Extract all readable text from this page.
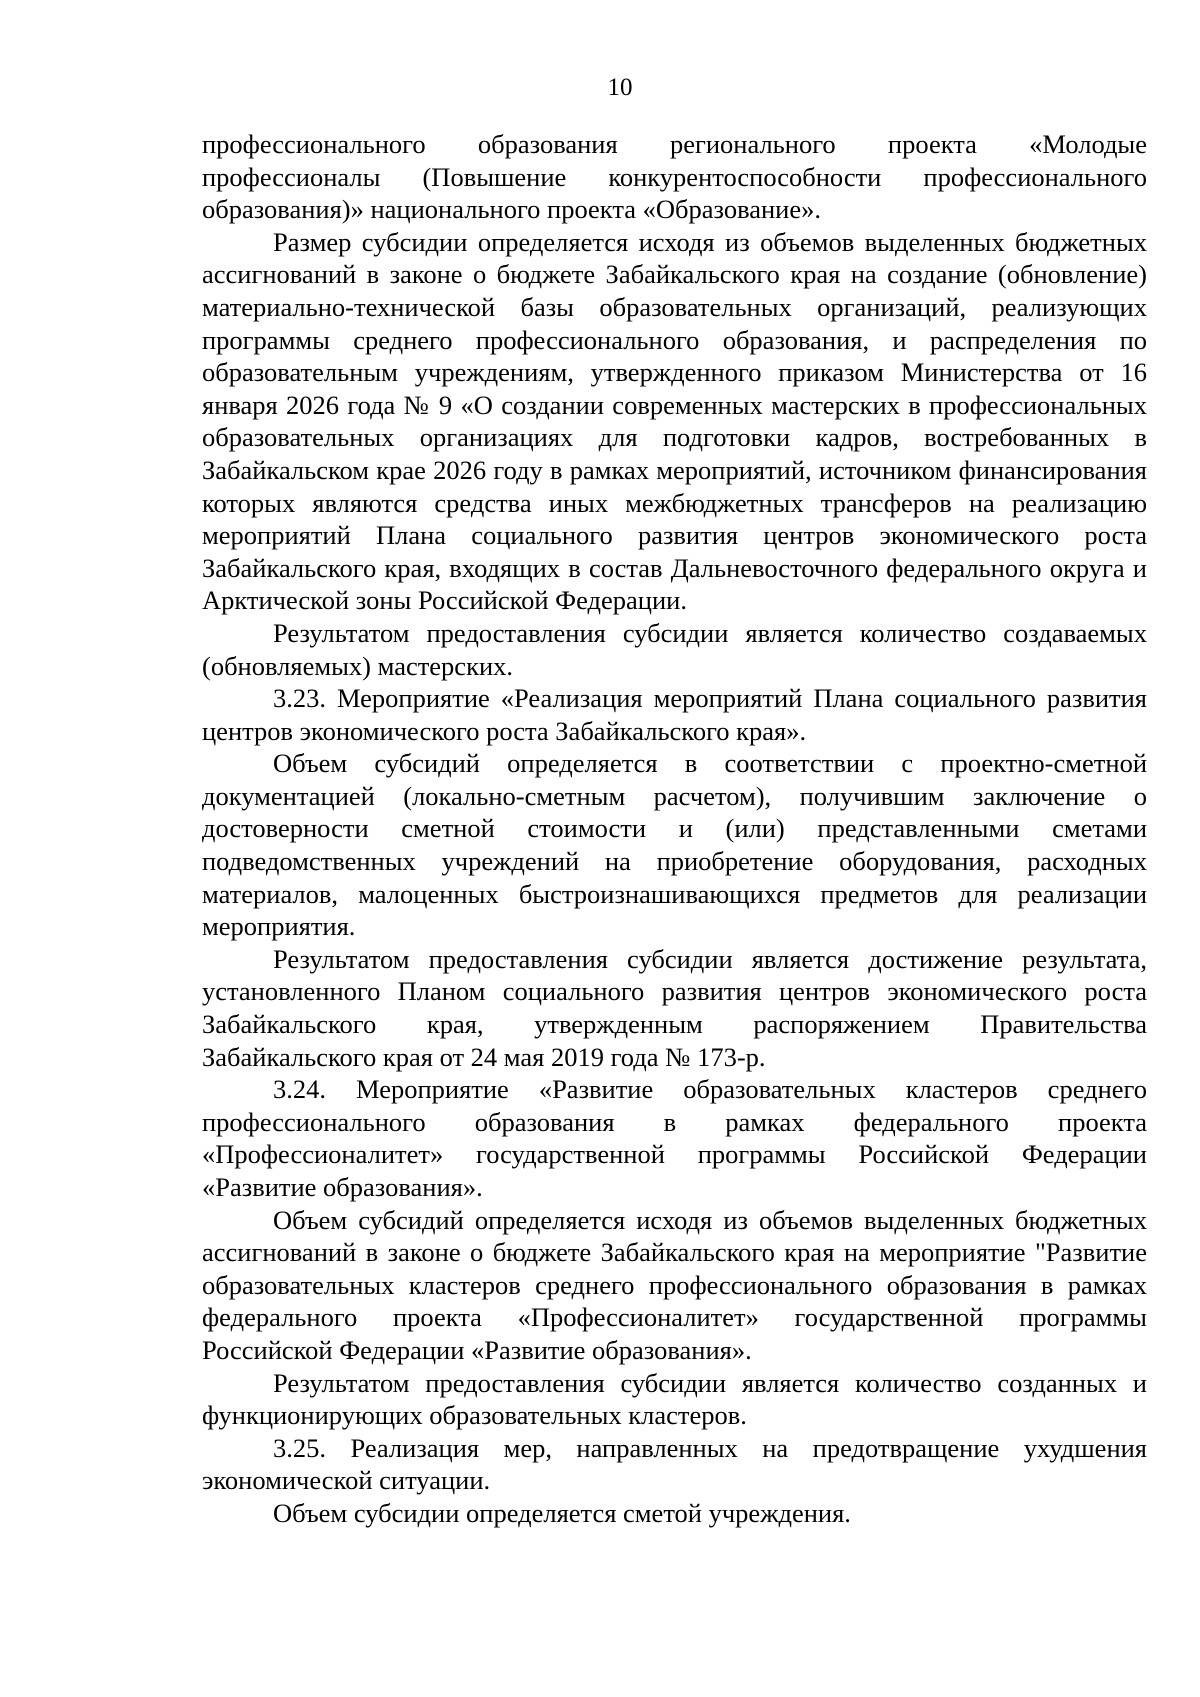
10

профессионального образования регионального проекта «Молодые профессионалы (Повышение конкурентоспособности профессионального образования)» национального проекта «Образование».

Размер субсидии определяется исходя из объемов выделенных бюджетных ассигнований в законе о бюджете Забайкальского края на создание (обновление) материально-технической базы образовательных организаций, реализующих программы среднего профессионального образования, и распределения по образовательным учреждениям, утвержденного приказом Министерства от 16 января 2026 года № 9 «О создании современных мастерских в профессиональных образовательных организациях для подготовки кадров, востребованных в Забайкальском крае 2026 году в рамках мероприятий, источником финансирования которых являются средства иных межбюджетных трансферов на реализацию мероприятий Плана социального развития центров экономического роста Забайкальского края, входящих в состав Дальневосточного федерального округа и Арктической зоны Российской Федерации.

Результатом предоставления субсидии является количество создаваемых (обновляемых) мастерских.

3.23. Мероприятие «Реализация мероприятий Плана социального развития центров экономического роста Забайкальского края».

Объем субсидий определяется в соответствии с проектно-сметной документацией (локально-сметным расчетом), получившим заключение о достоверности сметной стоимости и (или) представленными сметами подведомственных учреждений на приобретение оборудования, расходных материалов, малоценных быстроизнашивающихся предметов для реализации мероприятия.

Результатом предоставления субсидии является достижение результата, установленного Планом социального развития центров экономического роста Забайкальского края, утвержденным распоряжением Правительства Забайкальского края от 24 мая 2019 года № 173-р.

3.24. Мероприятие «Развитие образовательных кластеров среднего профессионального образования в рамках федерального проекта «Профессионалитет» государственной программы Российской Федерации «Развитие образования».

Объем субсидий определяется исходя из объемов выделенных бюджетных ассигнований в законе о бюджете Забайкальского края на мероприятие "Развитие образовательных кластеров среднего профессионального образования в рамках федерального проекта «Профессионалитет» государственной программы Российской Федерации «Развитие образования».

Результатом предоставления субсидии является количество созданных и функционирующих образовательных кластеров.

3.25. Реализация мер, направленных на предотвращение ухудшения экономической ситуации.

Объем субсидии определяется сметой учреждения.
